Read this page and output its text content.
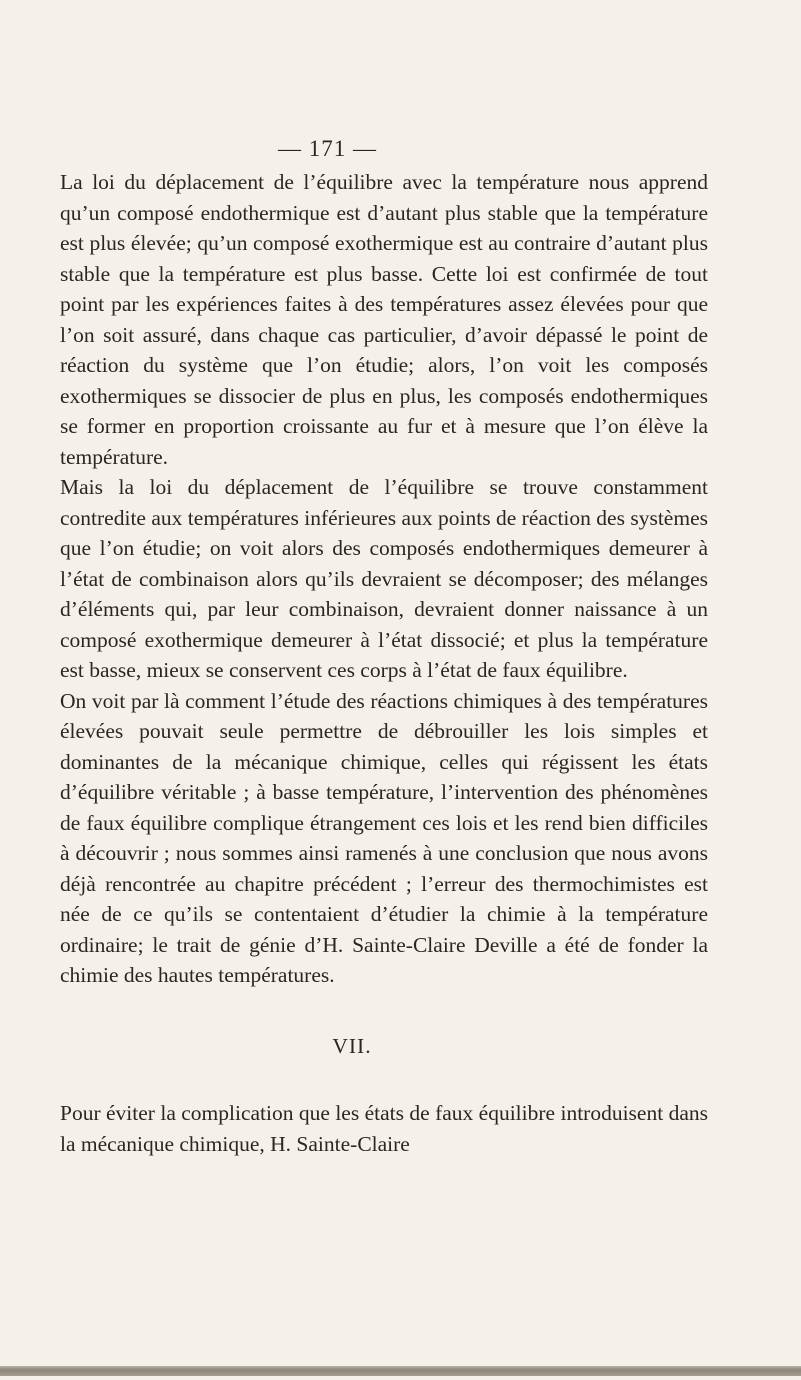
— 171 —

La loi du déplacement de l’équilibre avec la température nous apprend qu’un composé endothermique est d’autant plus stable que la température est plus élevée; qu’un composé exothermique est au contraire d’autant plus stable que la température est plus basse. Cette loi est confirmée de tout point par les expériences faites à des températures assez élevées pour que l’on soit assuré, dans chaque cas particulier, d’avoir dépassé le point de réaction du système que l’on étudie; alors, l’on voit les composés exothermiques se dissocier de plus en plus, les composés endothermiques se former en proportion croissante au fur et à mesure que l’on élève la température.

Mais la loi du déplacement de l’équilibre se trouve constamment contredite aux températures inférieures aux points de réaction des systèmes que l’on étudie; on voit alors des composés endothermiques demeurer à l’état de combinaison alors qu’ils devraient se décomposer; des mélanges d’éléments qui, par leur combinaison, devraient donner naissance à un composé exothermique demeurer à l’état dissocié; et plus la température est basse, mieux se conservent ces corps à l’état de faux équilibre.

On voit par là comment l’étude des réactions chimiques à des températures élevées pouvait seule permettre de débrouiller les lois simples et dominantes de la mécanique chimique, celles qui régissent les états d’équilibre véritable ; à basse température, l’intervention des phénomènes de faux équilibre complique étrangement ces lois et les rend bien difficiles à découvrir ; nous sommes ainsi ramenés à une conclusion que nous avons déjà rencontrée au chapitre précédent ; l’erreur des thermochimistes est née de ce qu’ils se contentaient d’étudier la chimie à la température ordinaire; le trait de génie d’H. Sainte-Claire Deville a été de fonder la chimie des hautes températures.

VII.

Pour éviter la complication que les états de faux équilibre introduisent dans la mécanique chimique, H. Sainte-Claire
